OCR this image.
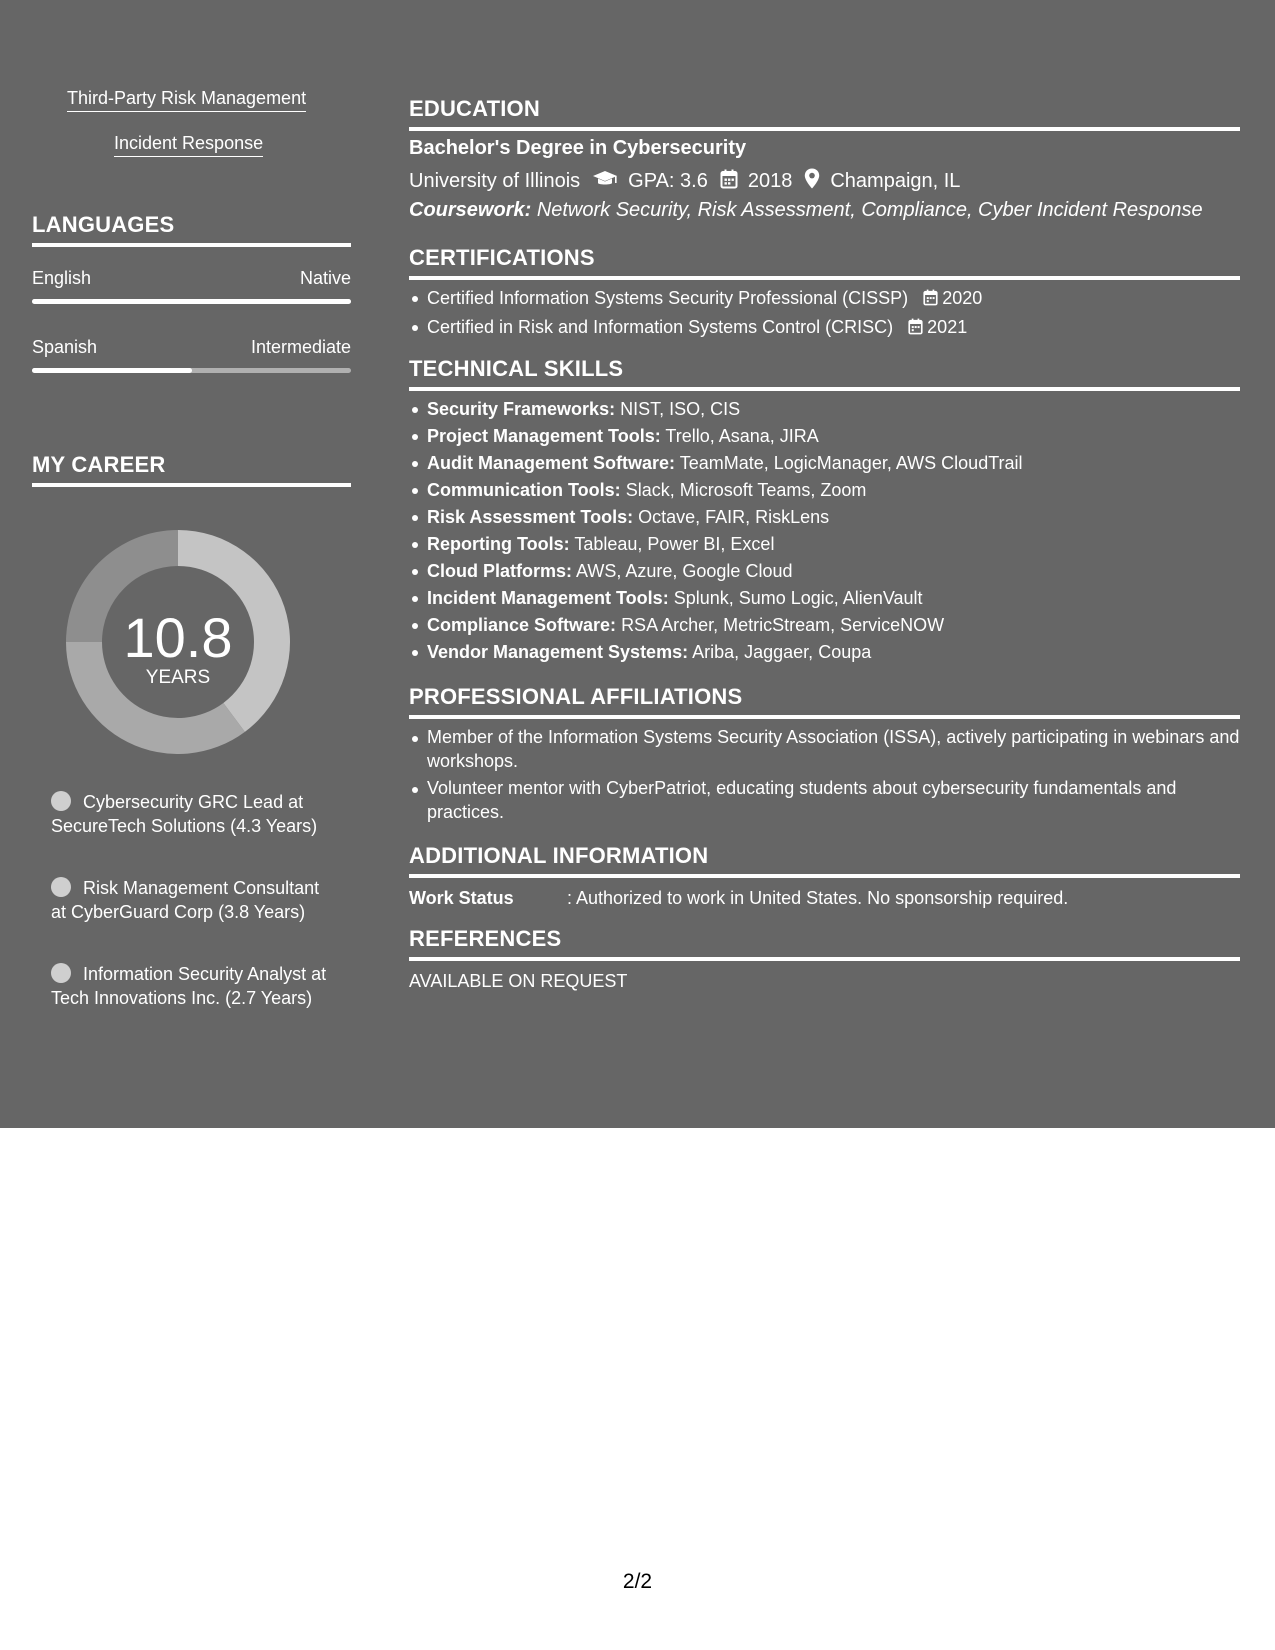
Third-Party Risk Management
Incident Response
LANGUAGES
English	Native
Spanish	Intermediate
MY CAREER
10.8
YEARS
Cybersecurity GRC Lead at SecureTech Solutions (4.3 Years)
Risk Management Consultant at CyberGuard Corp (3.8 Years)
Information Security Analyst at Tech Innovations Inc. (2.7 Years)
EDUCATION
Bachelor's Degree in Cybersecurity
University of Illinois GPA: 3.6 2018 Champaign, IL
Coursework: Network Security, Risk Assessment, Compliance, Cyber Incident Response
CERTIFICATIONS
Certified Information Systems Security Professional (CISSP) 2020
Certified in Risk and Information Systems Control (CRISC) 2021
TECHNICAL SKILLS
Security Frameworks: NIST, ISO, CIS
Project Management Tools: Trello, Asana, JIRA
Audit Management Software: TeamMate, LogicManager, AWS CloudTrail
Communication Tools: Slack, Microsoft Teams, Zoom
Risk Assessment Tools: Octave, FAIR, RiskLens
Reporting Tools: Tableau, Power BI, Excel
Cloud Platforms: AWS, Azure, Google Cloud
Incident Management Tools: Splunk, Sumo Logic, AlienVault
Compliance Software: RSA Archer, MetricStream, ServiceNOW
Vendor Management Systems: Ariba, Jaggaer, Coupa
PROFESSIONAL AFFILIATIONS
Member of the Information Systems Security Association (ISSA), actively participating in webinars and workshops.
Volunteer mentor with CyberPatriot, educating students about cybersecurity fundamentals and practices.
ADDITIONAL INFORMATION
Work Status	: Authorized to work in United States. No sponsorship required.
REFERENCES
AVAILABLE ON REQUEST
2/2
